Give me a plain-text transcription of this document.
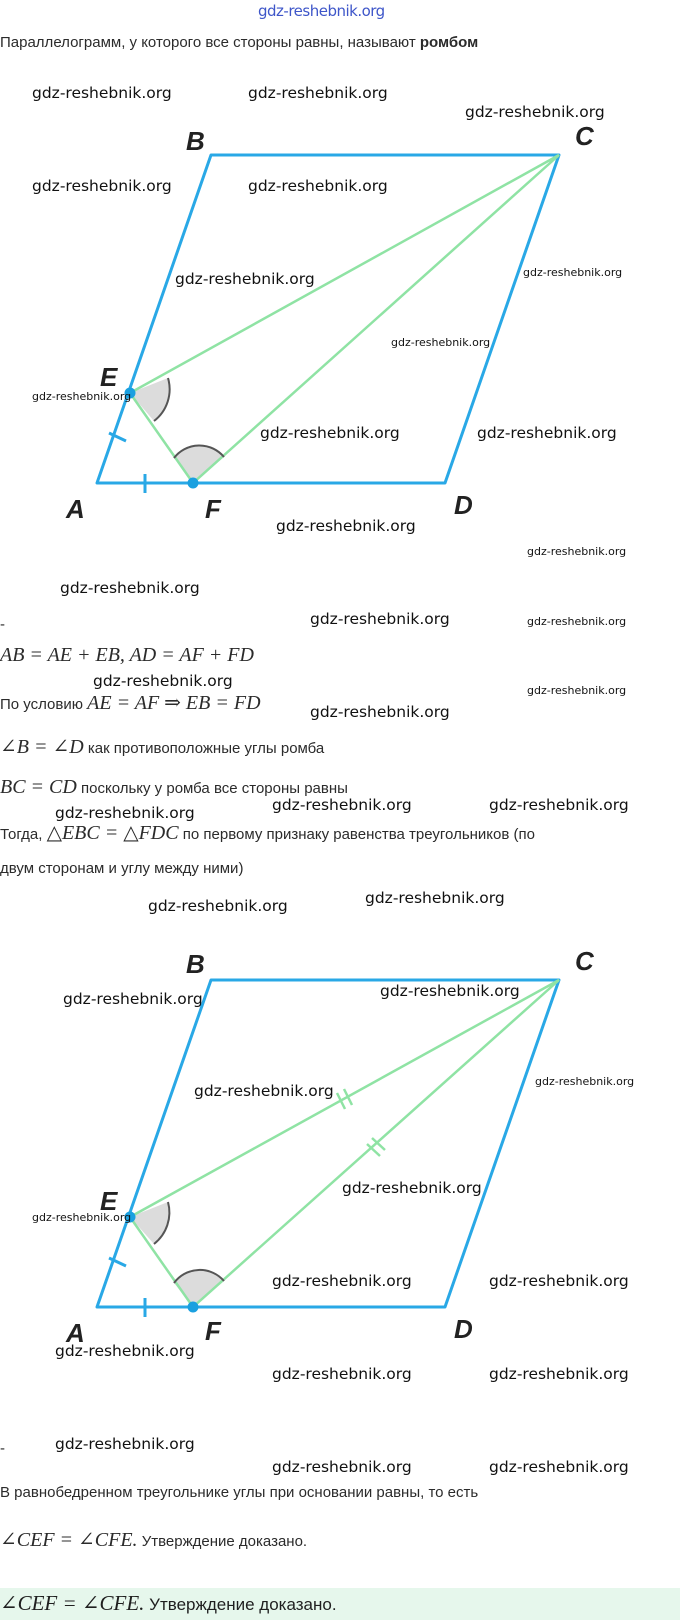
gdz-reshebnik.org
Параллелограмм, у которого все стороны равны, называют ромбом
B	C
E
A	F	D
-
AB = AE + EB, AD = AF + FD
По условию AE = AF ⇒ EB = FD
∠B = ∠D как противоположные углы ромба
BC = CD поскольку у ромба все стороны равны
Тогда, △EBC = △FDC по первому признаку равенства треугольников (по
двум сторонам и углу между ними)
B	C
E
A	F	D
-
В равнобедренном треугольнике углы при основании равны, то есть
∠CEF = ∠CFE. Утверждение доказано.
∠CEF = ∠CFE. Утверждение доказано.
gdz-reshebnik.org	gdz-reshebnik.org
gdz-reshebnik.org
gdz-reshebnik.org	gdz-reshebnik.org
gdz-reshebnik.org
gdz-reshebnik.org	gdz-reshebnik.org
gdz-reshebnik.org
gdz-reshebnik.org
gdz-reshebnik.org
gdz-reshebnik.org
gdz-reshebnik.org
gdz-reshebnik.org	gdz-reshebnik.org	gdz-reshebnik.org
gdz-reshebnik.org	gdz-reshebnik.org
gdz-reshebnik.org	gdz-reshebnik.org
gdz-reshebnik.org
gdz-reshebnik.org
gdz-reshebnik.org	gdz-reshebnik.org
gdz-reshebnik.org
gdz-reshebnik.org	gdz-reshebnik.org
gdz-reshebnik.org
gdz-reshebnik.org	gdz-reshebnik.org
gdz-reshebnik.org
gdz-reshebnik.org
gdz-reshebnik.org
gdz-reshebnik.org
gdz-reshebnik.org
gdz-reshebnik.org
gdz-reshebnik.org
gdz-reshebnik.org
